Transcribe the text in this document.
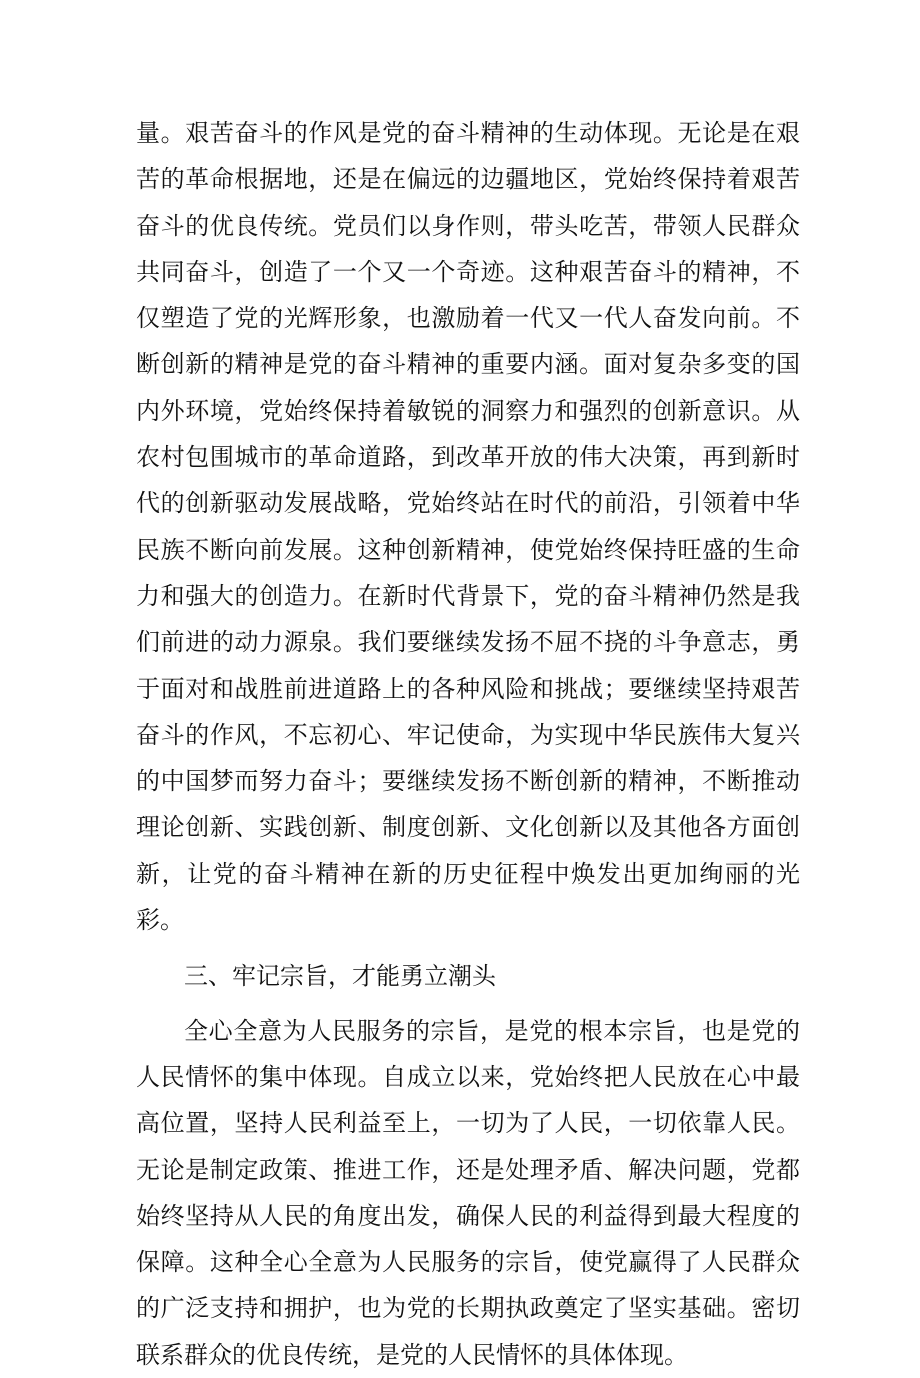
量。艰苦奋斗的作风是党的奋斗精神的生动体现。无论是在艰苦的革命根据地，还是在偏远的边疆地区，党始终保持着艰苦奋斗的优良传统。党员们以身作则，带头吃苦，带领人民群众共同奋斗，创造了一个又一个奇迹。这种艰苦奋斗的精神，不仅塑造了党的光辉形象，也激励着一代又一代人奋发向前。不断创新的精神是党的奋斗精神的重要内涵。面对复杂多变的国内外环境，党始终保持着敏锐的洞察力和强烈的创新意识。从农村包围城市的革命道路，到改革开放的伟大决策，再到新时代的创新驱动发展战略，党始终站在时代的前沿，引领着中华民族不断向前发展。这种创新精神，使党始终保持旺盛的生命力和强大的创造力。在新时代背景下，党的奋斗精神仍然是我们前进的动力源泉。我们要继续发扬不屈不挠的斗争意志，勇于面对和战胜前进道路上的各种风险和挑战；要继续坚持艰苦奋斗的作风，不忘初心、牢记使命，为实现中华民族伟大复兴的中国梦而努力奋斗；要继续发扬不断创新的精神，不断推动理论创新、实践创新、制度创新、文化创新以及其他各方面创新，让党的奋斗精神在新的历史征程中焕发出更加绚丽的光彩。

三、牢记宗旨，才能勇立潮头

全心全意为人民服务的宗旨，是党的根本宗旨，也是党的人民情怀的集中体现。自成立以来，党始终把人民放在心中最高位置，坚持人民利益至上，一切为了人民，一切依靠人民。无论是制定政策、推进工作，还是处理矛盾、解决问题，党都始终坚持从人民的角度出发，确保人民的利益得到最大程度的保障。这种全心全意为人民服务的宗旨，使党赢得了人民群众的广泛支持和拥护，也为党的长期执政奠定了坚实基础。密切联系群众的优良传统，是党的人民情怀的具体体现。
